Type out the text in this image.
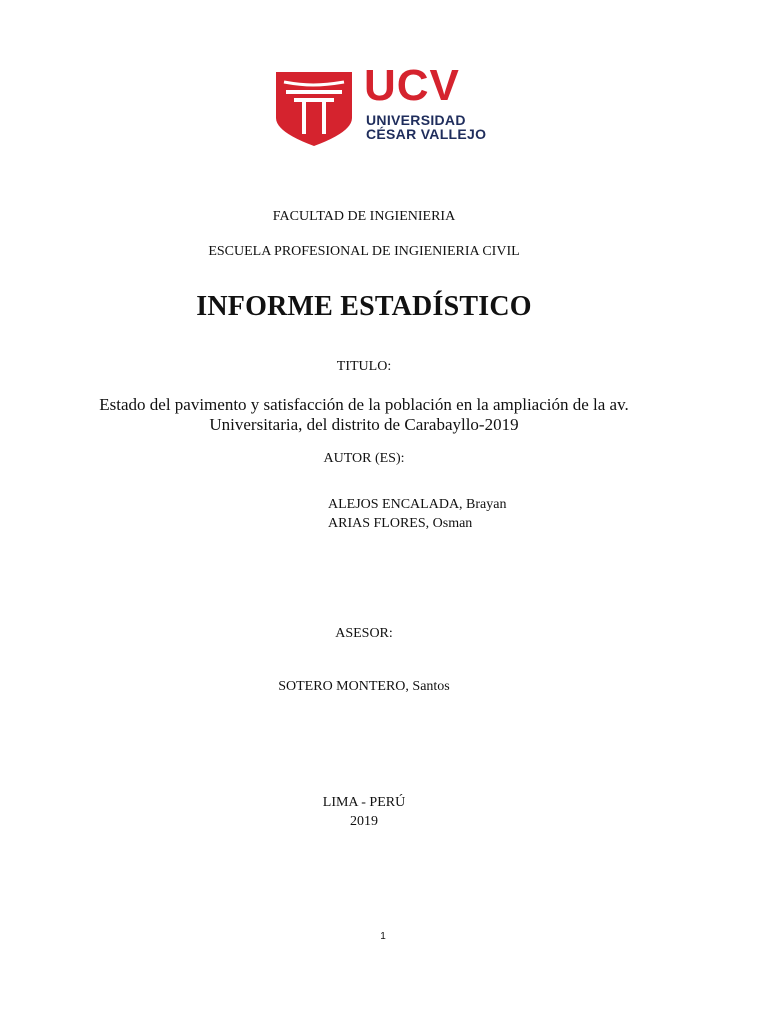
UCV
UNIVERSIDAD
CÉSAR VALLEJO
FACULTAD DE INGIENIERIA
ESCUELA PROFESIONAL DE INGIENIERIA CIVIL
INFORME ESTADÍSTICO
TITULO:
Estado del pavimento y satisfacción de la población en la ampliación de la av.
Universitaria, del distrito de Carabayllo-2019
AUTOR (ES):
ALEJOS ENCALADA, Brayan
ARIAS FLORES, Osman
ASESOR:
SOTERO MONTERO, Santos
LIMA - PERÚ
2019
1
